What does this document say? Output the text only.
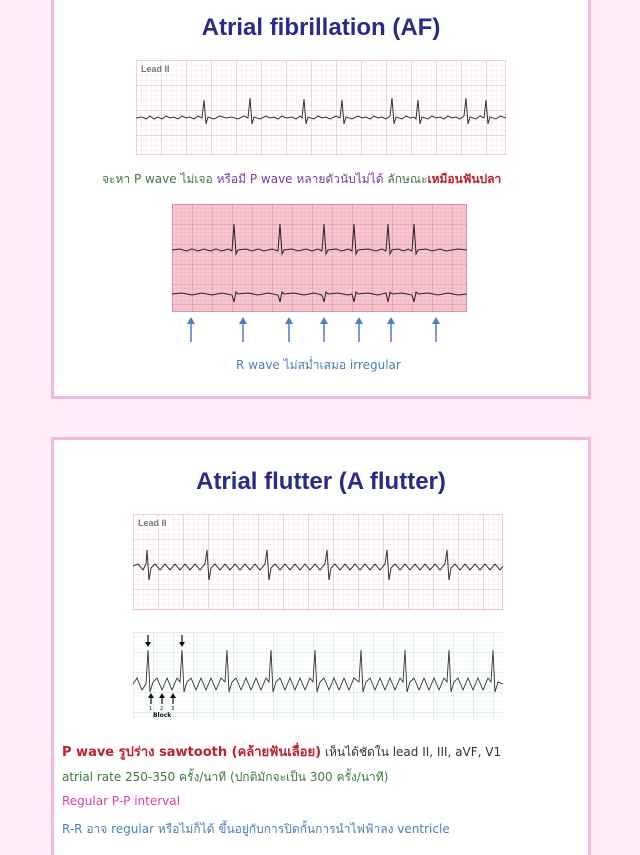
Atrial fibrillation (AF)
Lead II
จะหา P wave ไม่เจอ หรือมี P wave หลายตัวนับไม่ได้ ลักษณะเหมือนฟันปลา
R wave ไม่สม่ำเสมอ irregular
Atrial flutter (A flutter)
Lead II
1 2 3
Block
P wave รูปร่าง sawtooth (คล้ายฟันเลื่อย) เห็นได้ชัดใน lead II, III, aVF, V1
atrial rate 250-350 ครั้ง/นาที (ปกติมักจะเป็น 300 ครั้ง/นาที)
Regular P-P interval
R-R อาจ regular หรือไม่ก็ได้ ขึ้นอยู่กับการปิดกั้นการนำไฟฟ้าลง ventricle
